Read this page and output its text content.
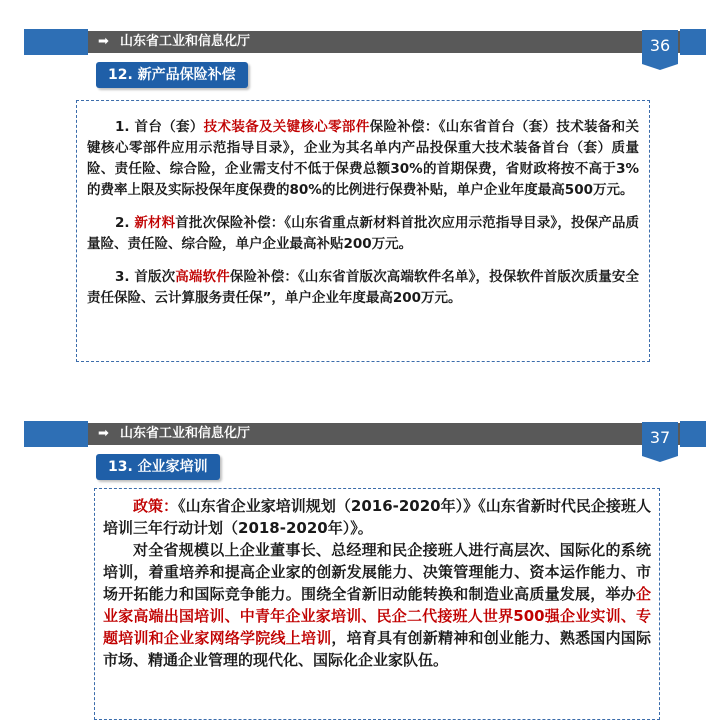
➡ 山东省工业和信息化厅	36
12. 新产品保险补偿

1. 首台（套）技术装备及关键核心零部件保险补偿：《山东省首台（套）技术装备和关键核心零部件应用示范指导目录》，企业为其名单内产品投保重大技术装备首台（套）质量险、责任险、综合险，企业需支付不低于保费总额30%的首期保费，省财政将按不高于3%的费率上限及实际投保年度保费的80%的比例进行保费补贴，单户企业年度最高500万元。

2. 新材料首批次保险补偿：《山东省重点新材料首批次应用示范指导目录》，投保产品质量险、责任险、综合险，单户企业最高补贴200万元。

3. 首版次高端软件保险补偿：《山东省首版次高端软件名单》，投保软件首版次质量安全责任保险、云计算服务责任保”，单户企业年度最高200万元。

➡ 山东省工业和信息化厅	37
13. 企业家培训

政策：《山东省企业家培训规划（2016-2020年）》《山东省新时代民企接班人培训三年行动计划（2018-2020年）》。

对全省规模以上企业董事长、总经理和民企接班人进行高层次、国际化的系统培训，着重培养和提高企业家的创新发展能力、决策管理能力、资本运作能力、市场开拓能力和国际竞争能力。围绕全省新旧动能转换和制造业高质量发展，举办企业家高端出国培训、中青年企业家培训、民企二代接班人世界500强企业实训、专题培训和企业家网络学院线上培训，培育具有创新精神和创业能力、熟悉国内国际市场、精通企业管理的现代化、国际化企业家队伍。
